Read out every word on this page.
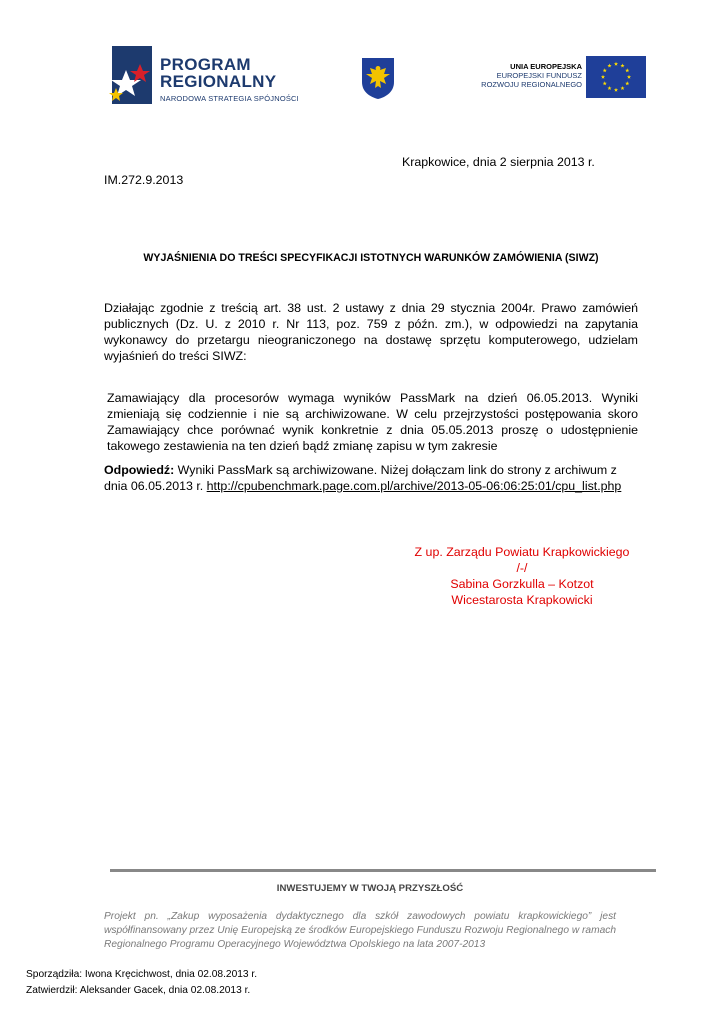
PROGRAM
REGIONALNY
NARODOWA STRATEGIA SPÓJNOŚCI
UNIA EUROPEJSKA
EUROPEJSKI FUNDUSZ
ROZWOJU REGIONALNEGO
Krapkowice, dnia 2 sierpnia 2013 r.
IM.272.9.2013
WYJAŚNIENIA DO TREŚCI SPECYFIKACJI ISTOTNYCH WARUNKÓW ZAMÓWIENIA (SIWZ)
Działając zgodnie z treścią art. 38 ust. 2 ustawy z dnia 29 stycznia 2004r. Prawo zamówień publicznych (Dz. U. z 2010 r. Nr 113, poz. 759 z późn. zm.), w odpowiedzi na zapytania wykonawcy do przetargu nieograniczonego na dostawę sprzętu komputerowego, udzielam wyjaśnień do treści SIWZ:
Zamawiający dla procesorów wymaga wyników PassMark na dzień 06.05.2013. Wyniki zmieniają się codziennie i nie są archiwizowane. W celu przejrzystości postępowania skoro Zamawiający chce porównać wynik konkretnie z dnia 05.05.2013 proszę o udostępnienie takowego zestawienia na ten dzień bądź zmianę zapisu w tym zakresie
Odpowiedź: Wyniki PassMark są archiwizowane. Niżej dołączam link do strony z archiwum z dnia 06.05.2013 r. http://cpubenchmark.page.com.pl/archive/2013-05-06:06:25:01/cpu_list.php
Z up. Zarządu Powiatu Krapkowickiego
/-/
Sabina Gorzkulla – Kotzot
Wicestarosta Krapkowicki
INWESTUJEMY W TWOJĄ PRZYSZŁOŚĆ
Projekt pn. „Zakup wyposażenia dydaktycznego dla szkół zawodowych powiatu krapkowickiego” jest współfinansowany przez Unię Europejską ze środków Europejskiego Funduszu Rozwoju Regionalnego w ramach Regionalnego Programu Operacyjnego Województwa Opolskiego na lata 2007-2013
Sporządziła: Iwona Kręcichwost, dnia 02.08.2013 r.
Zatwierdził: Aleksander Gacek, dnia 02.08.2013 r.
